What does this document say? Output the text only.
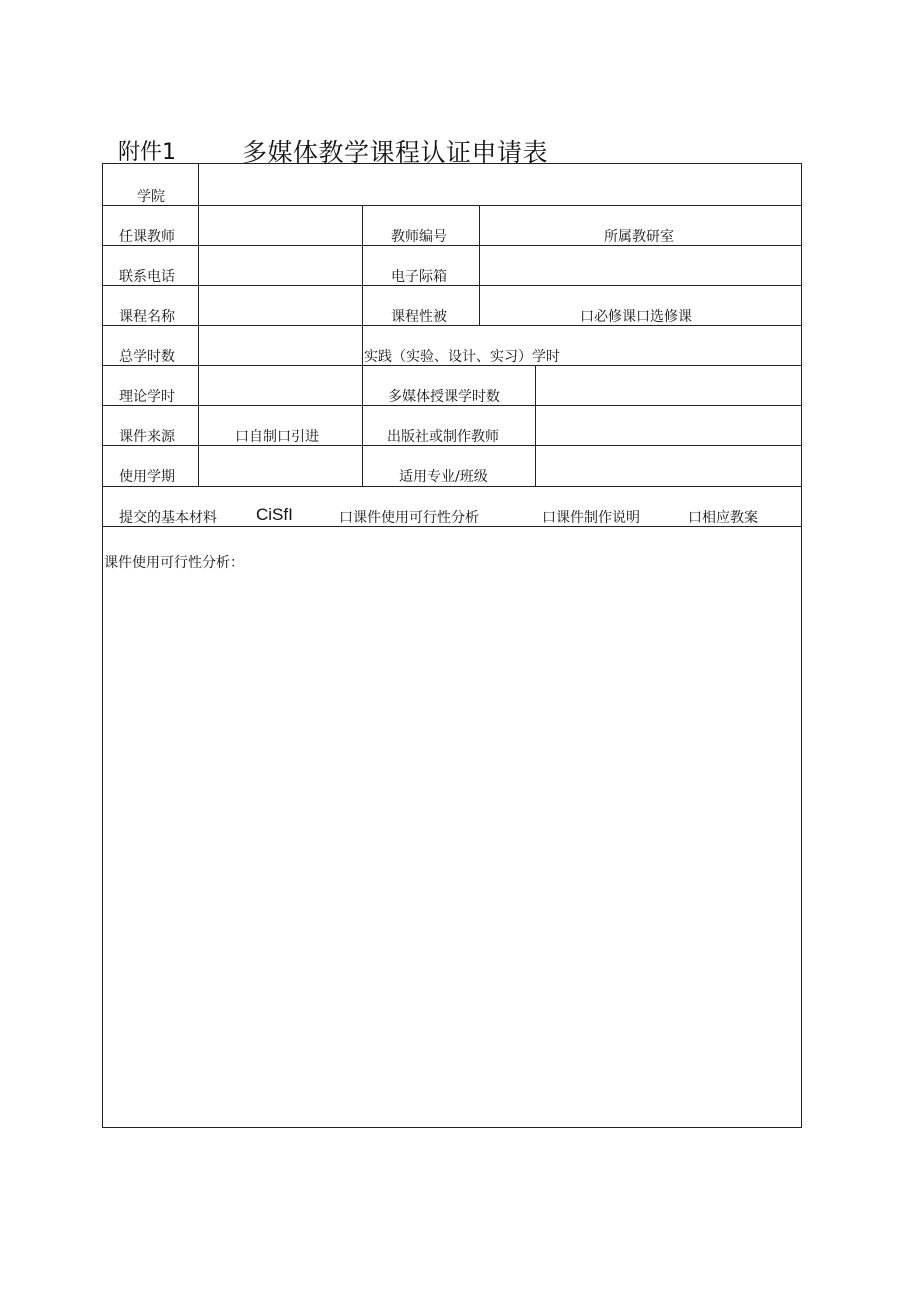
附件1	多媒体教学课程认证申请表
学院
任课教师	教师编号	所属教研室
联系电话	电子际箱
课程名称	课程性被	口必修课口选修课
总学时数	实践（实验、设计、实习）学时
理论学时	多媒体授课学时数
课件来源	口自制口引进	出版社或制作教师
使用学期	适用专业/班级
提交的基本材料 CiSfI	口课件使用可行性分析	口课件制作说明	口相应教案
课件使用可行性分析：
